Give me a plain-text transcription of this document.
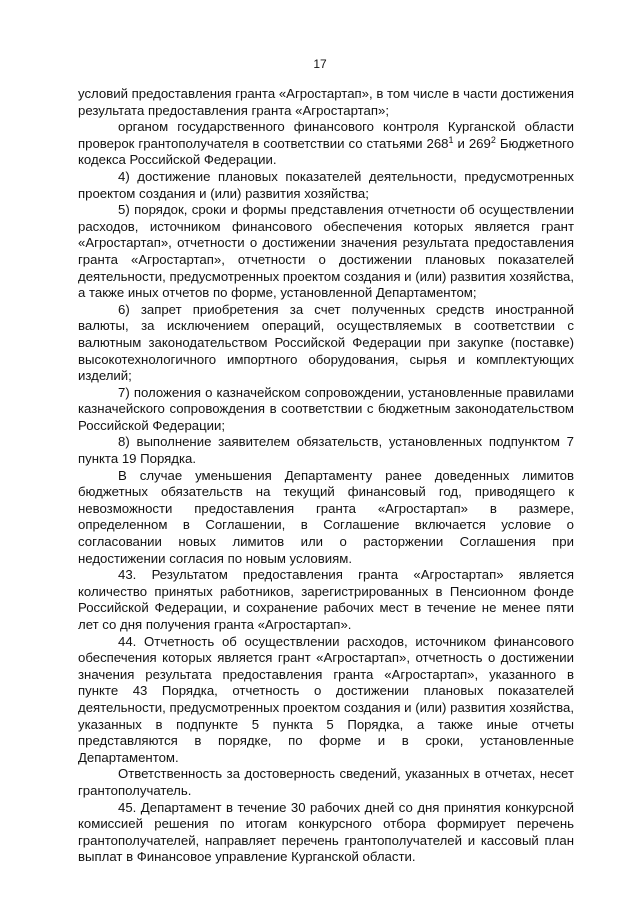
17

условий предоставления гранта «Агростартап», в том числе в части достижения результата предоставления гранта «Агростартап»;

органом государственного финансового контроля Курганской области проверок грантополучателя в соответствии со статьями $268^1$ и $269^2$ Бюджетного кодекса Российской Федерации.

4) достижение плановых показателей деятельности, предусмотренных проектом создания и (или) развития хозяйства;

5) порядок, сроки и формы представления отчетности об осуществлении расходов, источником финансового обеспечения которых является грант «Агростартап», отчетности о достижении значения результата предоставления гранта «Агростартап», отчетности о достижении плановых показателей деятельности, предусмотренных проектом создания и (или) развития хозяйства, а также иных отчетов по форме, установленной Департаментом;

6) запрет приобретения за счет полученных средств иностранной валюты, за исключением операций, осуществляемых в соответствии с валютным законодательством Российской Федерации при закупке (поставке) высокотехнологичного импортного оборудования, сырья и комплектующих изделий;

7) положения о казначейском сопровождении, установленные правилами казначейского сопровождения в соответствии с бюджетным законодательством Российской Федерации;

8) выполнение заявителем обязательств, установленных подпунктом 7 пункта 19 Порядка.

В случае уменьшения Департаменту ранее доведенных лимитов бюджетных обязательств на текущий финансовый год, приводящего к невозможности предоставления гранта «Агростартап» в размере, определенном в Соглашении, в Соглашение включается условие о согласовании новых лимитов или о расторжении Соглашения при недостижении согласия по новым условиям.

43. Результатом предоставления гранта «Агростартап» является количество принятых работников, зарегистрированных в Пенсионном фонде Российской Федерации, и сохранение рабочих мест в течение не менее пяти лет со дня получения гранта «Агростартап».

44. Отчетность об осуществлении расходов, источником финансового обеспечения которых является грант «Агростартап», отчетность о достижении значения результата предоставления гранта «Агростартап», указанного в пункте 43 Порядка, отчетность о достижении плановых показателей деятельности, предусмотренных проектом создания и (или) развития хозяйства, указанных в подпункте 5 пункта 5 Порядка, а также иные отчеты представляются в порядке, по форме и в сроки, установленные Департаментом.

Ответственность за достоверность сведений, указанных в отчетах, несет грантополучатель.

45. Департамент в течение 30 рабочих дней со дня принятия конкурсной комиссией решения по итогам конкурсного отбора формирует перечень грантополучателей, направляет перечень грантополучателей и кассовый план выплат в Финансовое управление Курганской области.
